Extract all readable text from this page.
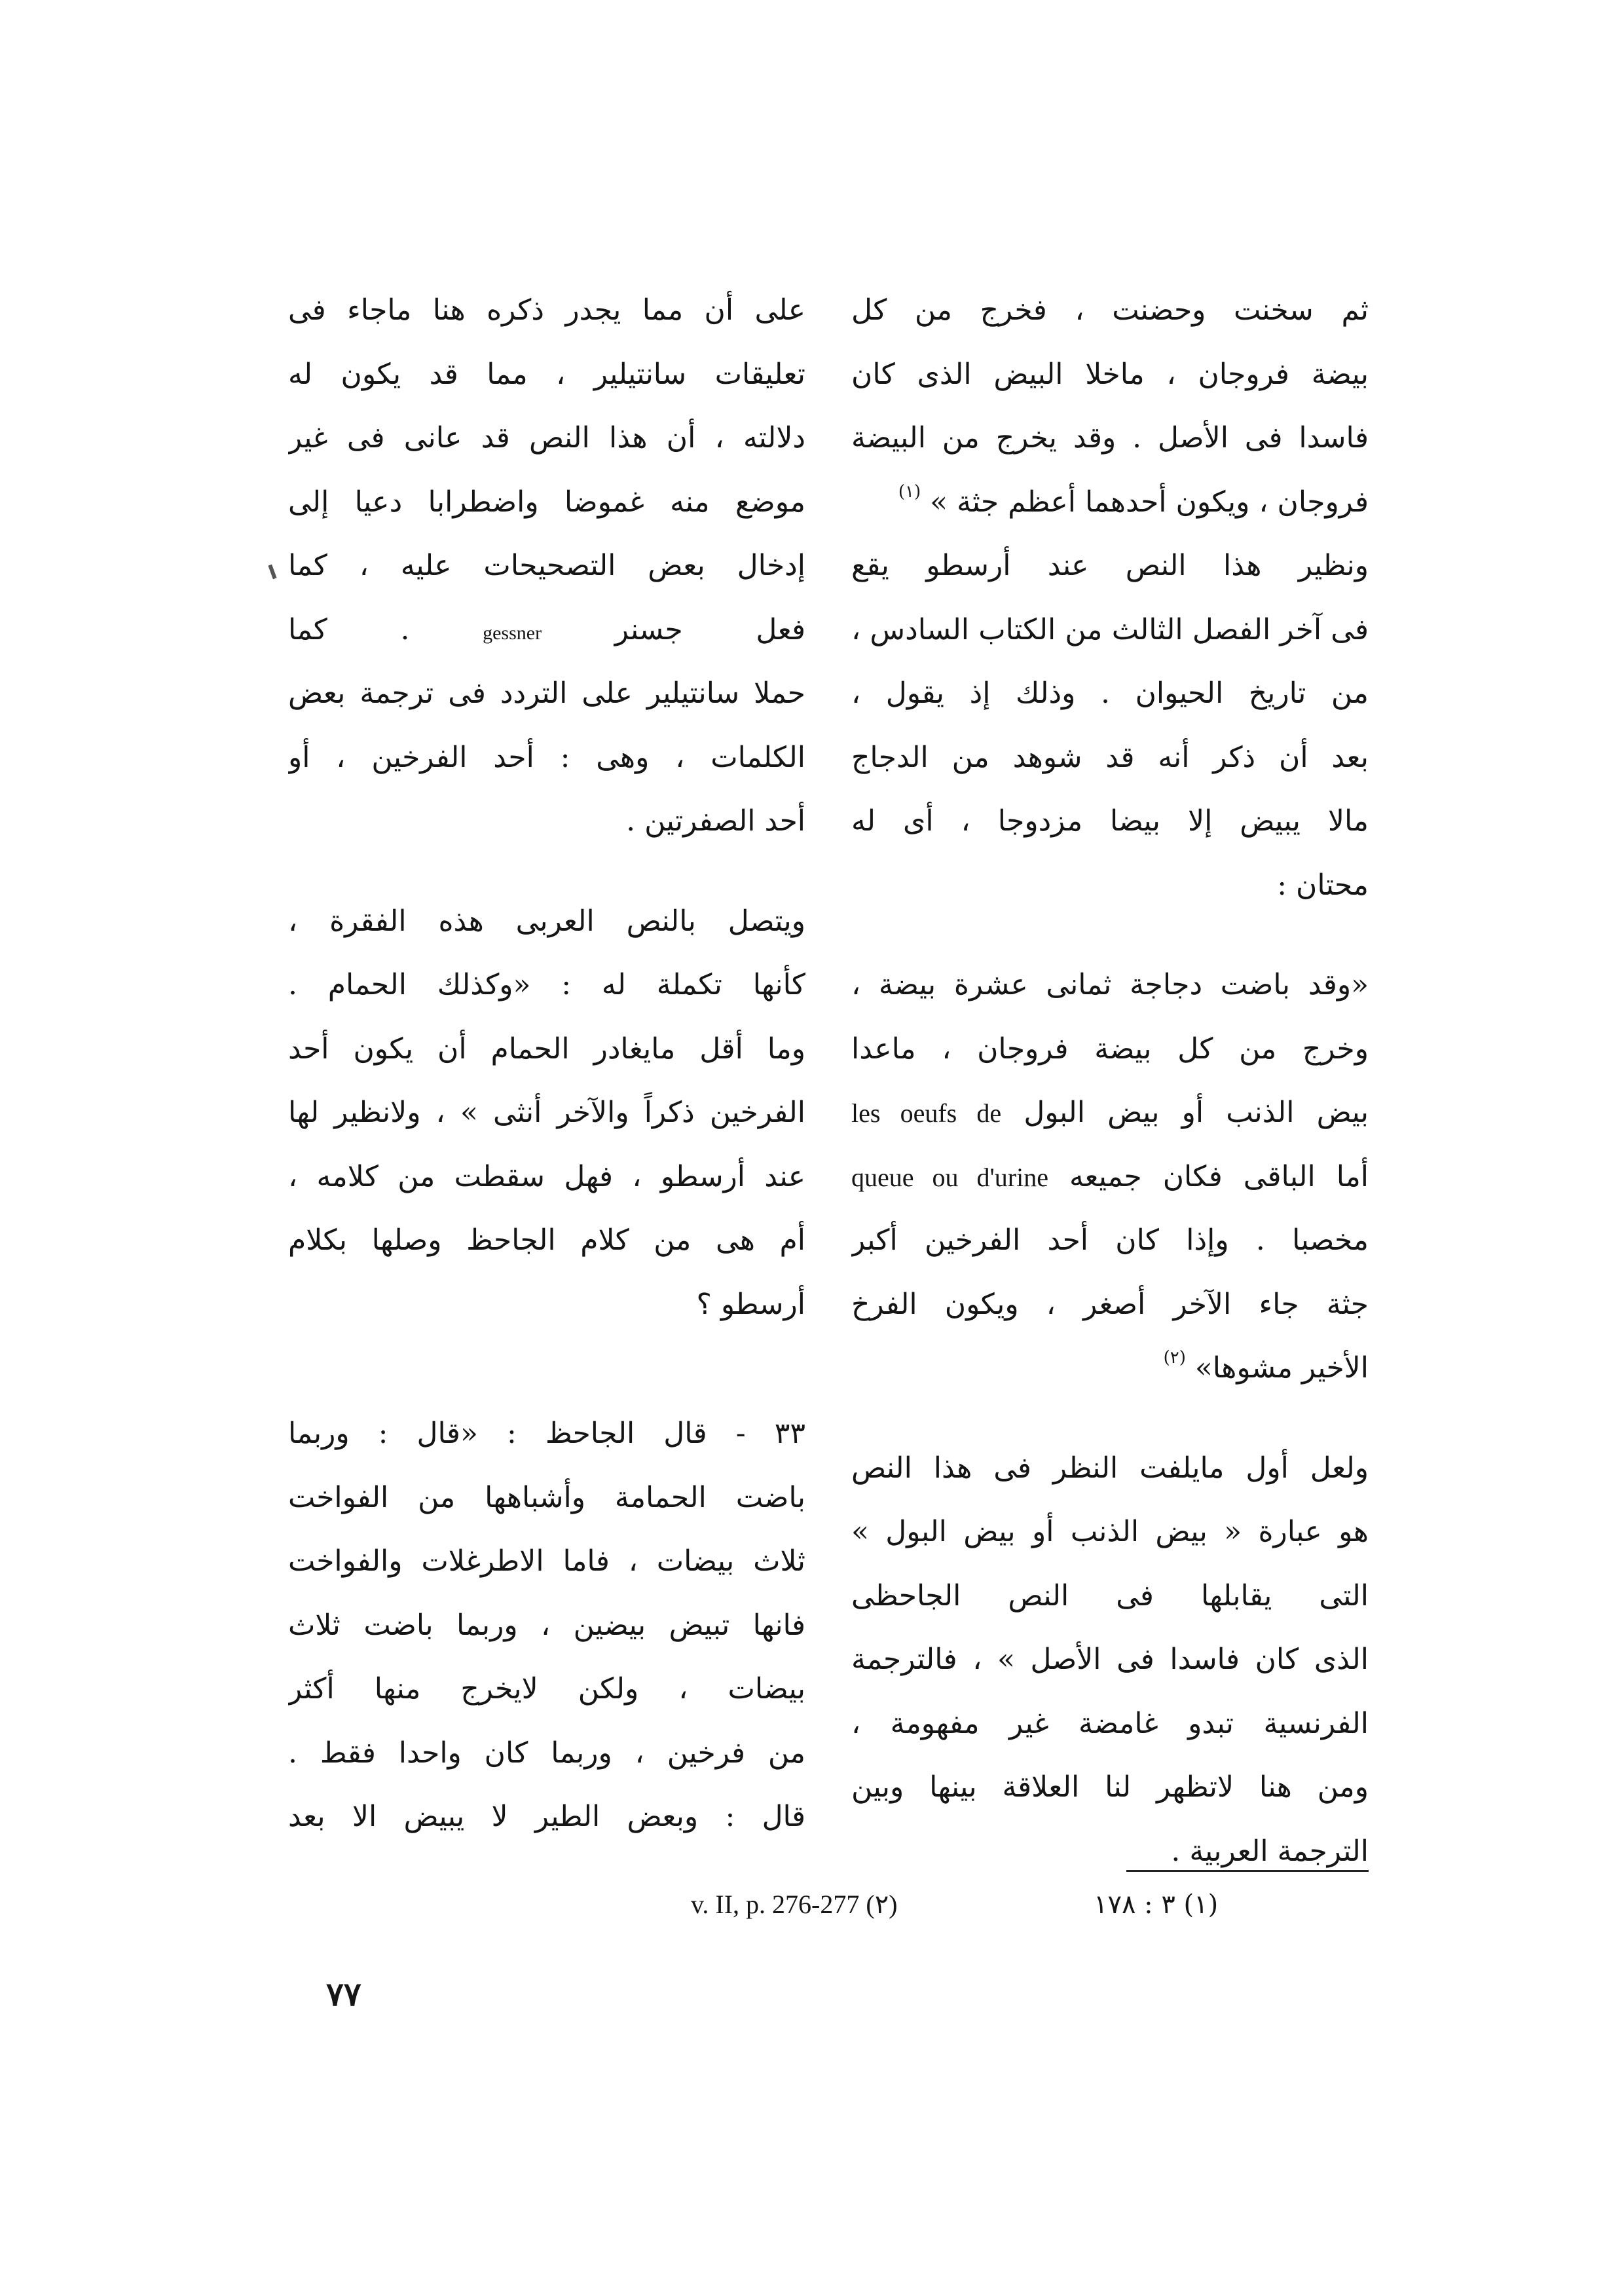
ثم سخنت وحضنت ، فخرج من كل
بيضة فروجان ، ماخلا البيض الذى كان
فاسدا فى الأصل . وقد يخرج من البيضة
فروجان ، ويكون أحدهما أعظم جثة » $^{(١)}$
ونظير هذا النص عند أرسطو يقع
فى آخر الفصل الثالث من الكتاب السادس ،
من تاريخ الحيوان . وذلك إذ يقول ،
بعد أن ذكر أنه قد شوهد من الدجاج
مالا يبيض إلا بيضا مزدوجا ، أى له
محتان :
«وقد باضت دجاجة ثمانى عشرة بيضة ،
وخرج من كل بيضة فروجان ، ماعدا
بيض الذنب أو بيض البول les oeufs de
أما الباقى فكان جميعه queue ou d'urine
مخصبا . وإذا كان أحد الفرخين أكبر
جثة جاء الآخر أصغر ، ويكون الفرخ
الأخير مشوها» $^{(٢)}$
ولعل أول مايلفت النظر فى هذا النص
هو عبارة « بيض الذنب أو بيض البول »
التى يقابلها فى النص الجاحظى
الذى كان فاسدا فى الأصل » ، فالترجمة
الفرنسية تبدو غامضة غير مفهومة ،
ومن هنا لاتظهر لنا العلاقة بينها وبين
الترجمة العربية .
على أن مما يجدر ذكره هنا ماجاء فى
تعليقات سانتيلير ، مما قد يكون له
دلالته ، أن هذا النص قد عانى فى غير
موضع منه غموضا واضطرابا دعيا إلى
إدخال بعض التصحيحات عليه ، كما
فعل جسنر gessner . كما
حملا سانتيلير على التردد فى ترجمة بعض
الكلمات ، وهى : أحد الفرخين ، أو
أحد الصفرتين .
ويتصل بالنص العربى هذه الفقرة ،
كأنها تكملة له : «وكذلك الحمام .
وما أقل مايغادر الحمام أن يكون أحد
الفرخين ذكراً والآخر أنثى » ، ولانظير لها
عند أرسطو ، فهل سقطت من كلامه ،
أم هى من كلام الجاحظ وصلها بكلام
أرسطو ؟
٣٣ - قال الجاحظ : «قال : وربما
باضت الحمامة وأشباهها من الفواخت
ثلاث بيضات ، فاما الاطرغلات والفواخت
فانها تبيض بيضين ، وربما باضت ثلاث
بيضات ، ولكن لايخرج منها أكثر
من فرخين ، وربما كان واحدا فقط .
قال : وبعض الطير لا يبيض الا بعد
(١) ٣ : ١٧٨
v. II, p. 276-277 (٢)
٧٧
